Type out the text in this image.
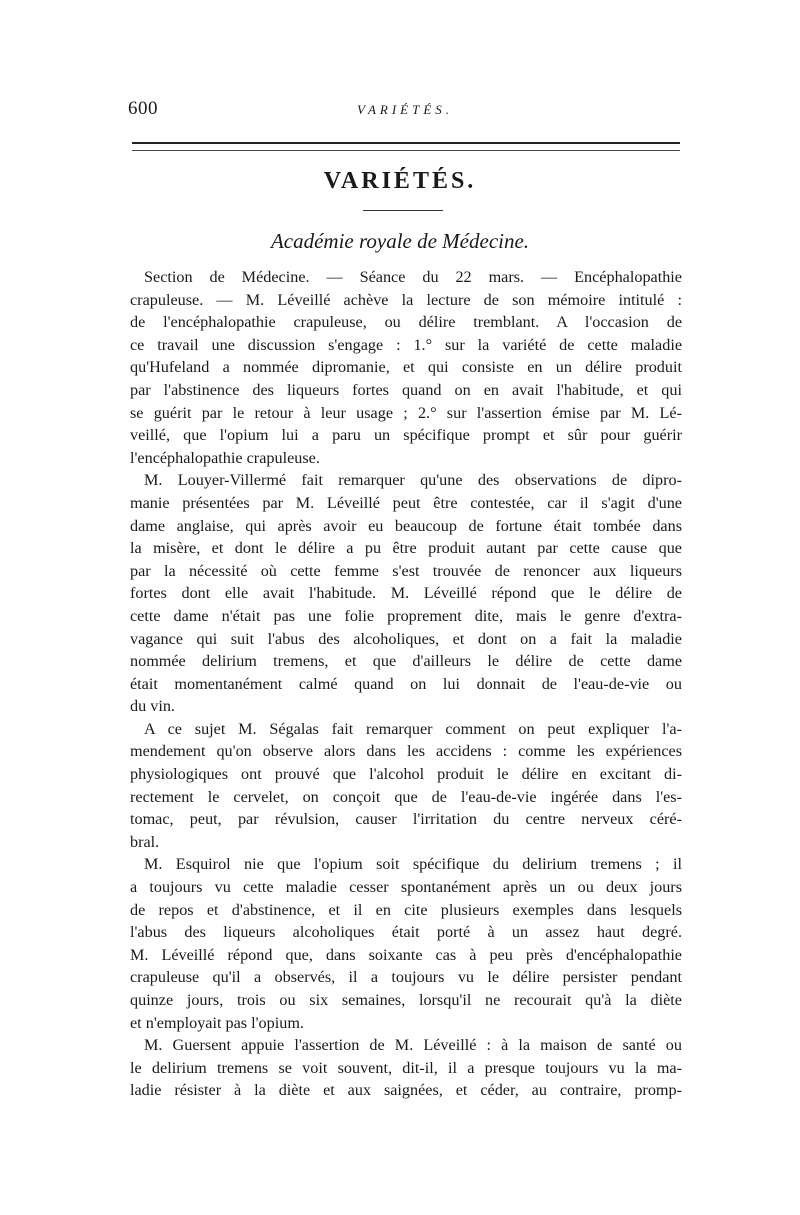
600	VARIÉTÉS.
VARIÉTÉS.
Académie royale de Médecine.
Section de Médecine. — Séance du 22 mars. — Encéphalopathie
crapuleuse. — M. Léveillé achève la lecture de son mémoire intitulé :
de l'encéphalopathie crapuleuse, ou délire tremblant. A l'occasion de
ce travail une discussion s'engage : 1.° sur la variété de cette maladie
qu'Hufeland a nommée dipromanie, et qui consiste en un délire produit
par l'abstinence des liqueurs fortes quand on en avait l'habitude, et qui
se guérit par le retour à leur usage ; 2.° sur l'assertion émise par M. Lé-
veillé, que l'opium lui a paru un spécifique prompt et sûr pour guérir
l'encéphalopathie crapuleuse.
M. Louyer-Villermé fait remarquer qu'une des observations de dipro-
manie présentées par M. Léveillé peut être contestée, car il s'agit d'une
dame anglaise, qui après avoir eu beaucoup de fortune était tombée dans
la misère, et dont le délire a pu être produit autant par cette cause que
par la nécessité où cette femme s'est trouvée de renoncer aux liqueurs
fortes dont elle avait l'habitude. M. Léveillé répond que le délire de
cette dame n'était pas une folie proprement dite, mais le genre d'extra-
vagance qui suit l'abus des alcoholiques, et dont on a fait la maladie
nommée delirium tremens, et que d'ailleurs le délire de cette dame
était momentanément calmé quand on lui donnait de l'eau-de-vie ou
du vin.
A ce sujet M. Ségalas fait remarquer comment on peut expliquer l'a-
mendement qu'on observe alors dans les accidens : comme les expériences
physiologiques ont prouvé que l'alcohol produit le délire en excitant di-
rectement le cervelet, on conçoit que de l'eau-de-vie ingérée dans l'es-
tomac, peut, par révulsion, causer l'irritation du centre nerveux céré-
bral.
M. Esquirol nie que l'opium soit spécifique du delirium tremens ; il
a toujours vu cette maladie cesser spontanément après un ou deux jours
de repos et d'abstinence, et il en cite plusieurs exemples dans lesquels
l'abus des liqueurs alcoholiques était porté à un assez haut degré.
M. Léveillé répond que, dans soixante cas à peu près d'encéphalopathie
crapuleuse qu'il a observés, il a toujours vu le délire persister pendant
quinze jours, trois ou six semaines, lorsqu'il ne recourait qu'à la diète
et n'employait pas l'opium.
M. Guersent appuie l'assertion de M. Léveillé : à la maison de santé ou
le delirium tremens se voit souvent, dit-il, il a presque toujours vu la ma-
ladie résister à la diète et aux saignées, et céder, au contraire, promp-
